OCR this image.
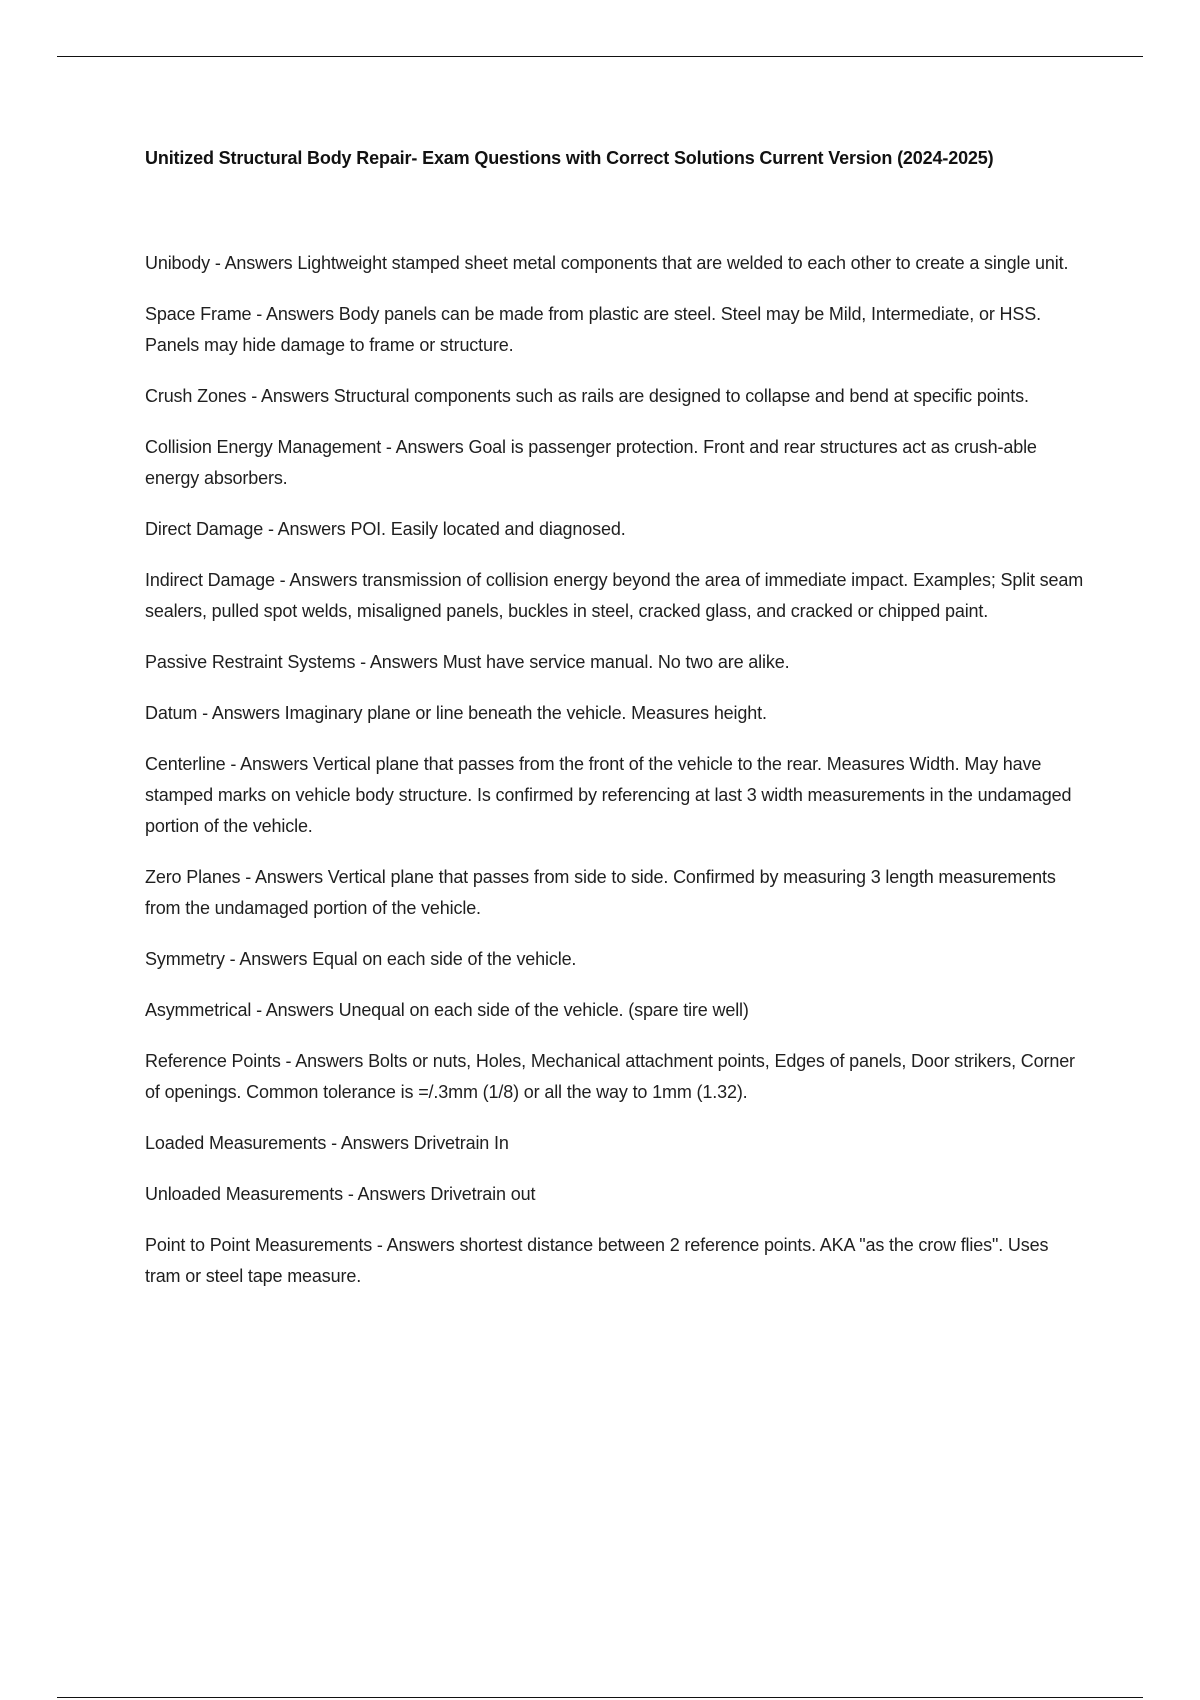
Unitized Structural Body Repair- Exam Questions with Correct Solutions Current Version (2024-2025)
Unibody - Answers Lightweight stamped sheet metal components that are welded to each other to create a single unit.
Space Frame - Answers Body panels can be made from plastic are steel. Steel may be Mild, Intermediate, or HSS. Panels may hide damage to frame or structure.
Crush Zones - Answers Structural components such as rails are designed to collapse and bend at specific points.
Collision Energy Management - Answers Goal is passenger protection. Front and rear structures act as crush-able energy absorbers.
Direct Damage - Answers POI. Easily located and diagnosed.
Indirect Damage - Answers transmission of collision energy beyond the area of immediate impact. Examples; Split seam sealers, pulled spot welds, misaligned panels, buckles in steel, cracked glass, and cracked or chipped paint.
Passive Restraint Systems - Answers Must have service manual. No two are alike.
Datum - Answers Imaginary plane or line beneath the vehicle. Measures height.
Centerline - Answers Vertical plane that passes from the front of the vehicle to the rear. Measures Width. May have stamped marks on vehicle body structure. Is confirmed by referencing at last 3 width measurements in the undamaged portion of the vehicle.
Zero Planes - Answers Vertical plane that passes from side to side. Confirmed by measuring 3 length measurements from the undamaged portion of the vehicle.
Symmetry - Answers Equal on each side of the vehicle.
Asymmetrical - Answers Unequal on each side of the vehicle. (spare tire well)
Reference Points - Answers Bolts or nuts, Holes, Mechanical attachment points, Edges of panels, Door strikers, Corner of openings. Common tolerance is =/.3mm (1/8) or all the way to 1mm (1.32).
Loaded Measurements - Answers Drivetrain In
Unloaded Measurements - Answers Drivetrain out
Point to Point Measurements - Answers shortest distance between 2 reference points. AKA "as the crow flies". Uses tram or steel tape measure.
